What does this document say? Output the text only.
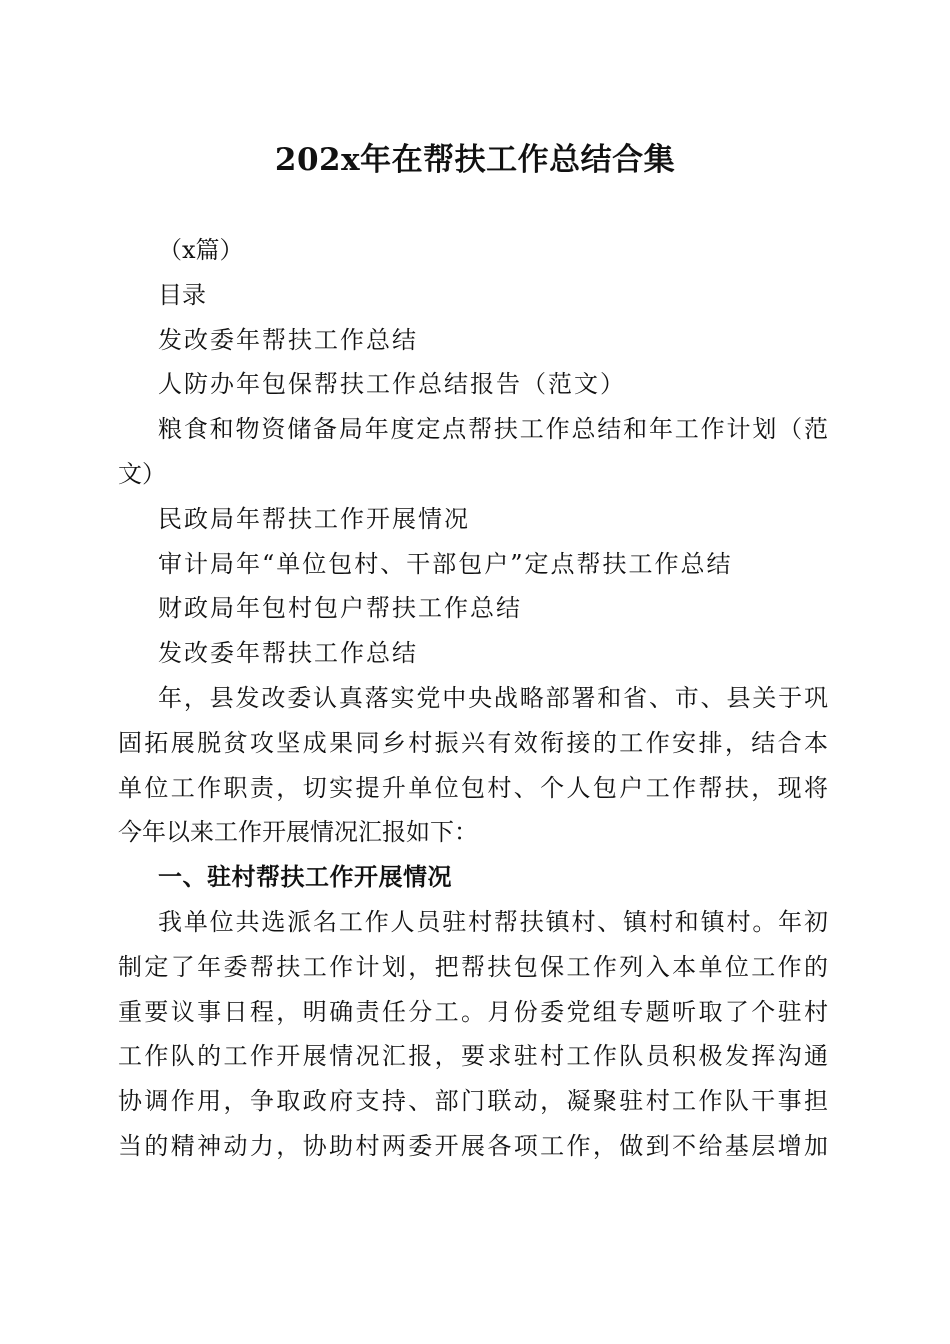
202x年在帮扶工作总结合集

（x篇）

目录

发改委年帮扶工作总结

人防办年包保帮扶工作总结报告（范文）

粮食和物资储备局年度定点帮扶工作总结和年工作计划（范

文）

民政局年帮扶工作开展情况

审计局年“单位包村、干部包户”定点帮扶工作总结

财政局年包村包户帮扶工作总结

发改委年帮扶工作总结

年，县发改委认真落实党中央战略部署和省、市、县关于巩

固拓展脱贫攻坚成果同乡村振兴有效衔接的工作安排，结合本

单位工作职责，切实提升单位包村、个人包户工作帮扶，现将

今年以来工作开展情况汇报如下：

一、驻村帮扶工作开展情况

我单位共选派名工作人员驻村帮扶镇村、镇村和镇村。年初

制定了年委帮扶工作计划，把帮扶包保工作列入本单位工作的

重要议事日程，明确责任分工。月份委党组专题听取了个驻村

工作队的工作开展情况汇报，要求驻村工作队员积极发挥沟通

协调作用，争取政府支持、部门联动，凝聚驻村工作队干事担

当的精神动力，协助村两委开展各项工作，做到不给基层增加
